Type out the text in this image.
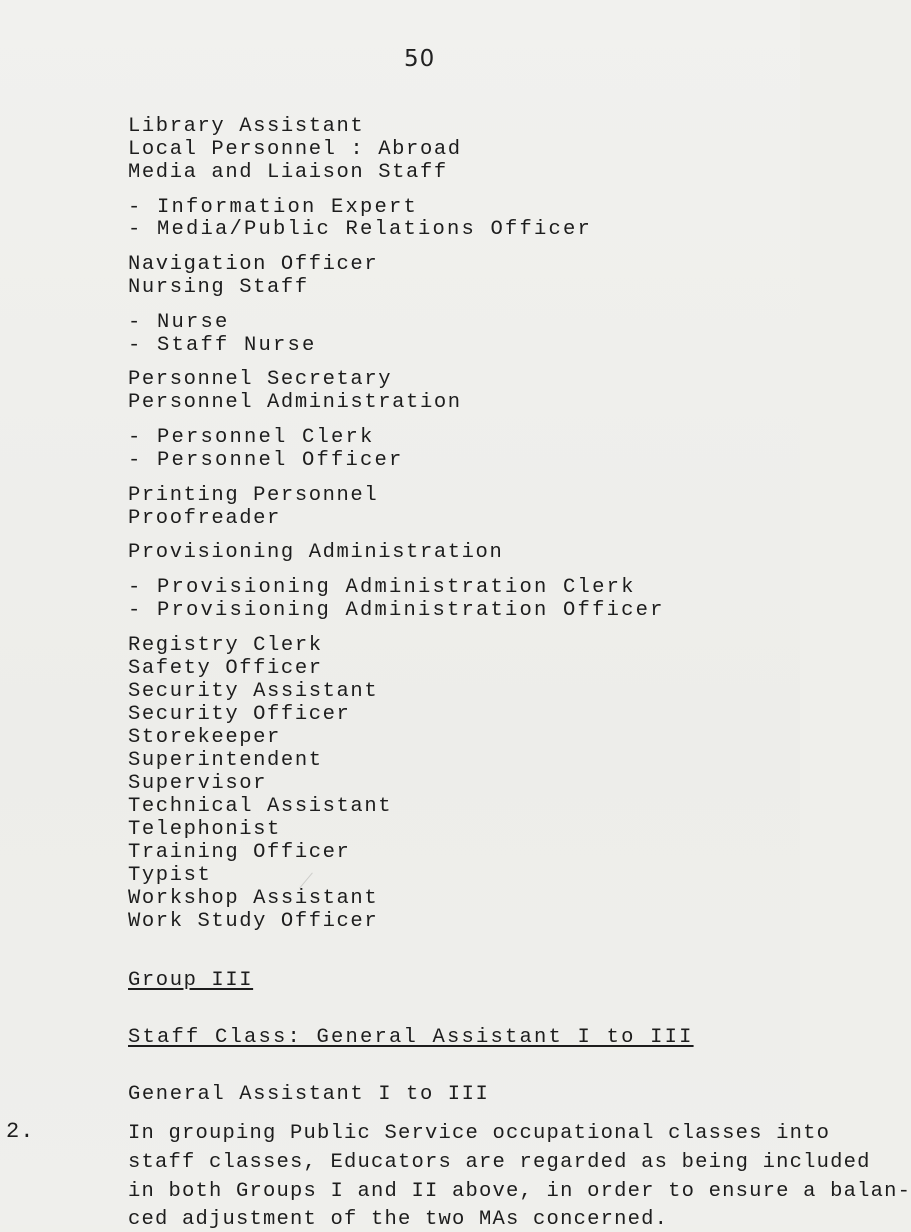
50
Library Assistant
Local Personnel : Abroad
Media and Liaison Staff
- Information Expert
- Media/Public Relations Officer
Navigation Officer
Nursing Staff
- Nurse
- Staff Nurse
Personnel Secretary
Personnel Administration
- Personnel Clerk
- Personnel Officer
Printing Personnel
Proofreader
Provisioning Administration
- Provisioning Administration Clerk
- Provisioning Administration Officer
Registry Clerk
Safety Officer
Security Assistant
Security Officer
Storekeeper
Superintendent
Supervisor
Technical Assistant
Telephonist
Training Officer
Typist
Workshop Assistant
Work Study Officer
Group III
Staff Class: General Assistant I to III
General Assistant I to III
2.	In grouping Public Service occupational classes into
staff classes, Educators are regarded as being included
in both Groups I and II above, in order to ensure a balan-
ced adjustment of the two MAs concerned.
